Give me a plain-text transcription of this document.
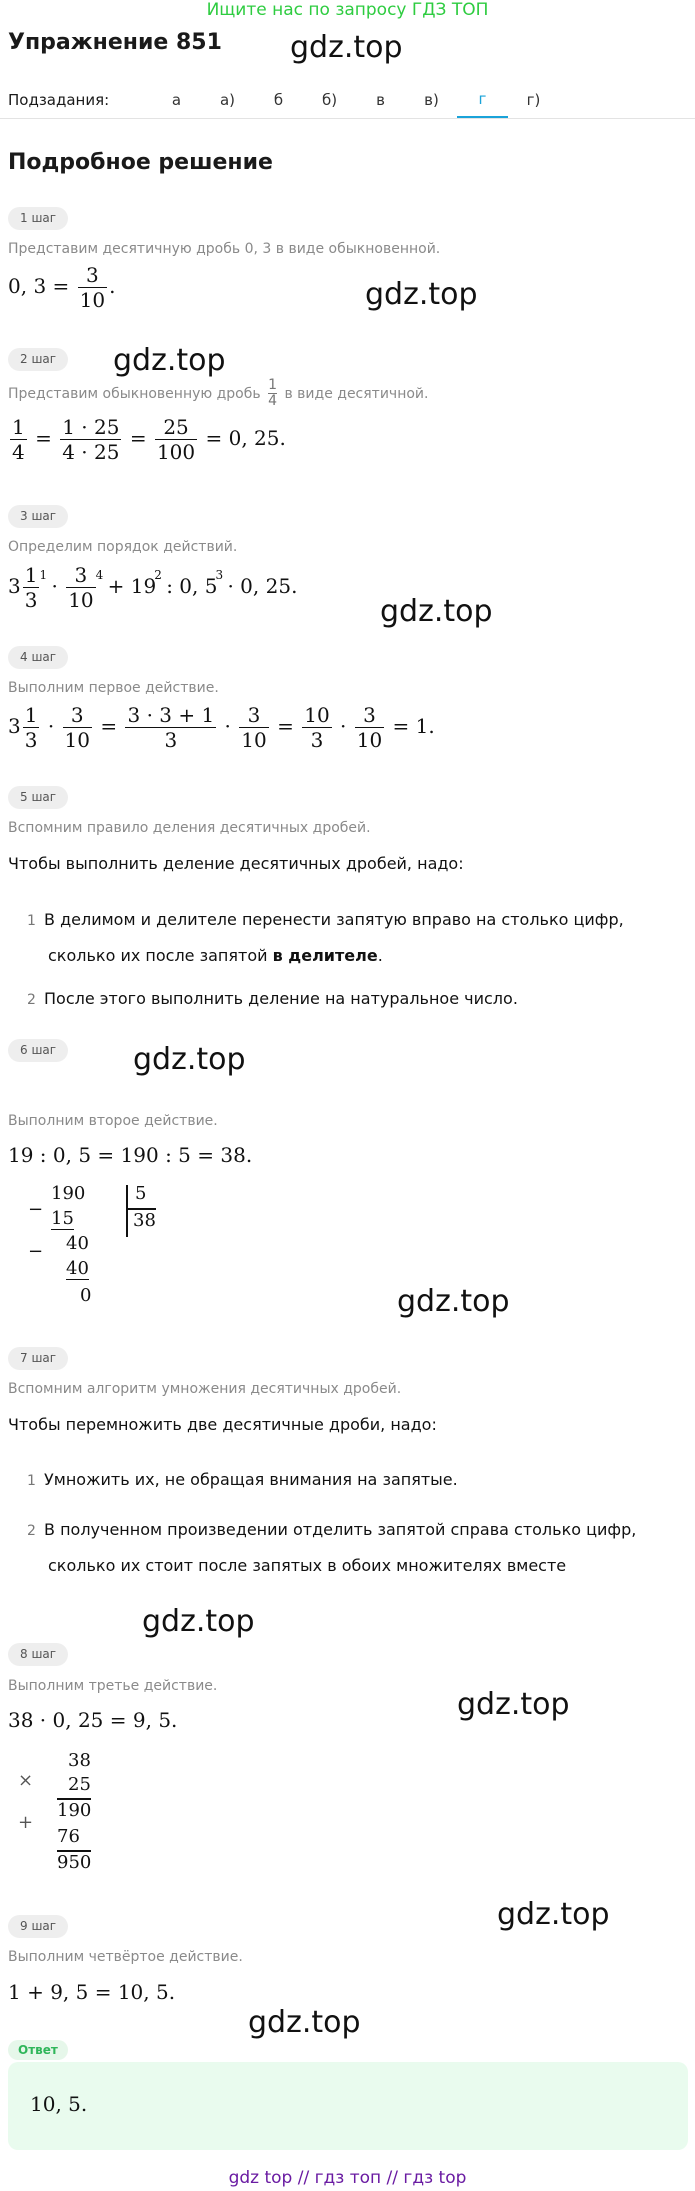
Ищите нас по запросу ГДЗ ТОП
Упражнение 851 gdz.top
gdz.top
gdz.top
gdz.top
gdz.top
gdz.top
gdz.top
gdz.top
gdz.top
gdz.top
Подзадания:	а	а)	б	б)	в	в)	г	г)
Подробное решение
1 шаг
Представим десятичную дробь 0, 3 в виде обыкновенной.
0, $3 = \frac{3}{10}$ .
2 шаг
Представим обыкновенную дробь $\frac{1}{4}$ в виде десятичной.
$\frac{1}{4} = \frac{1 \cdot 25}{4 \cdot 25} = \frac{25}{100} = 0$, 25.
3 шаг
Определим порядок действий.
$3 \frac{1}{3} ^1 \cdot \frac{3}{10} ^4 + 19^2$ : 0, $5^3 \cdot 0$, 25.
4 шаг
Выполним первое действие.
$3 \frac{1}{3} \cdot \frac{3}{10} = \frac{3 \cdot 3 + 1}{3} \cdot \frac{3}{10} = \frac{10}{3} \cdot \frac{3}{10} = 1$.
5 шаг
Вспомним правило деления десятичных дробей.
Чтобы выполнить деление десятичных дробей, надо:
1 В делимом и делителе перенести запятую вправо на столько цифр,
сколько их после запятой в делителе.
2 После этого выполнить деление на натуральное число.
6 шаг
Выполним второе действие.
19 : 0, 5 = 190 : 5 = 38.
−
190
15
− 40
40
0
5
38
7 шаг
Вспомним алгоритм умножения десятичных дробей.
Чтобы перемножить две десятичные дроби, надо:
1 Умножить их, не обращая внимания на запятые.
2 В полученном произведении отделить запятой справа столько цифр,
сколько их стоит после запятых в обоих множителях вместе
8 шаг
Выполним третье действие.
38 · 0, 25 = 9, 5.
×
38
25
190
+
76
950
9 шаг
Выполним четвёртое действие.
1 + 9, 5 = 10, 5.
Ответ
10, 5.
gdz top // гдз топ // гдз top
